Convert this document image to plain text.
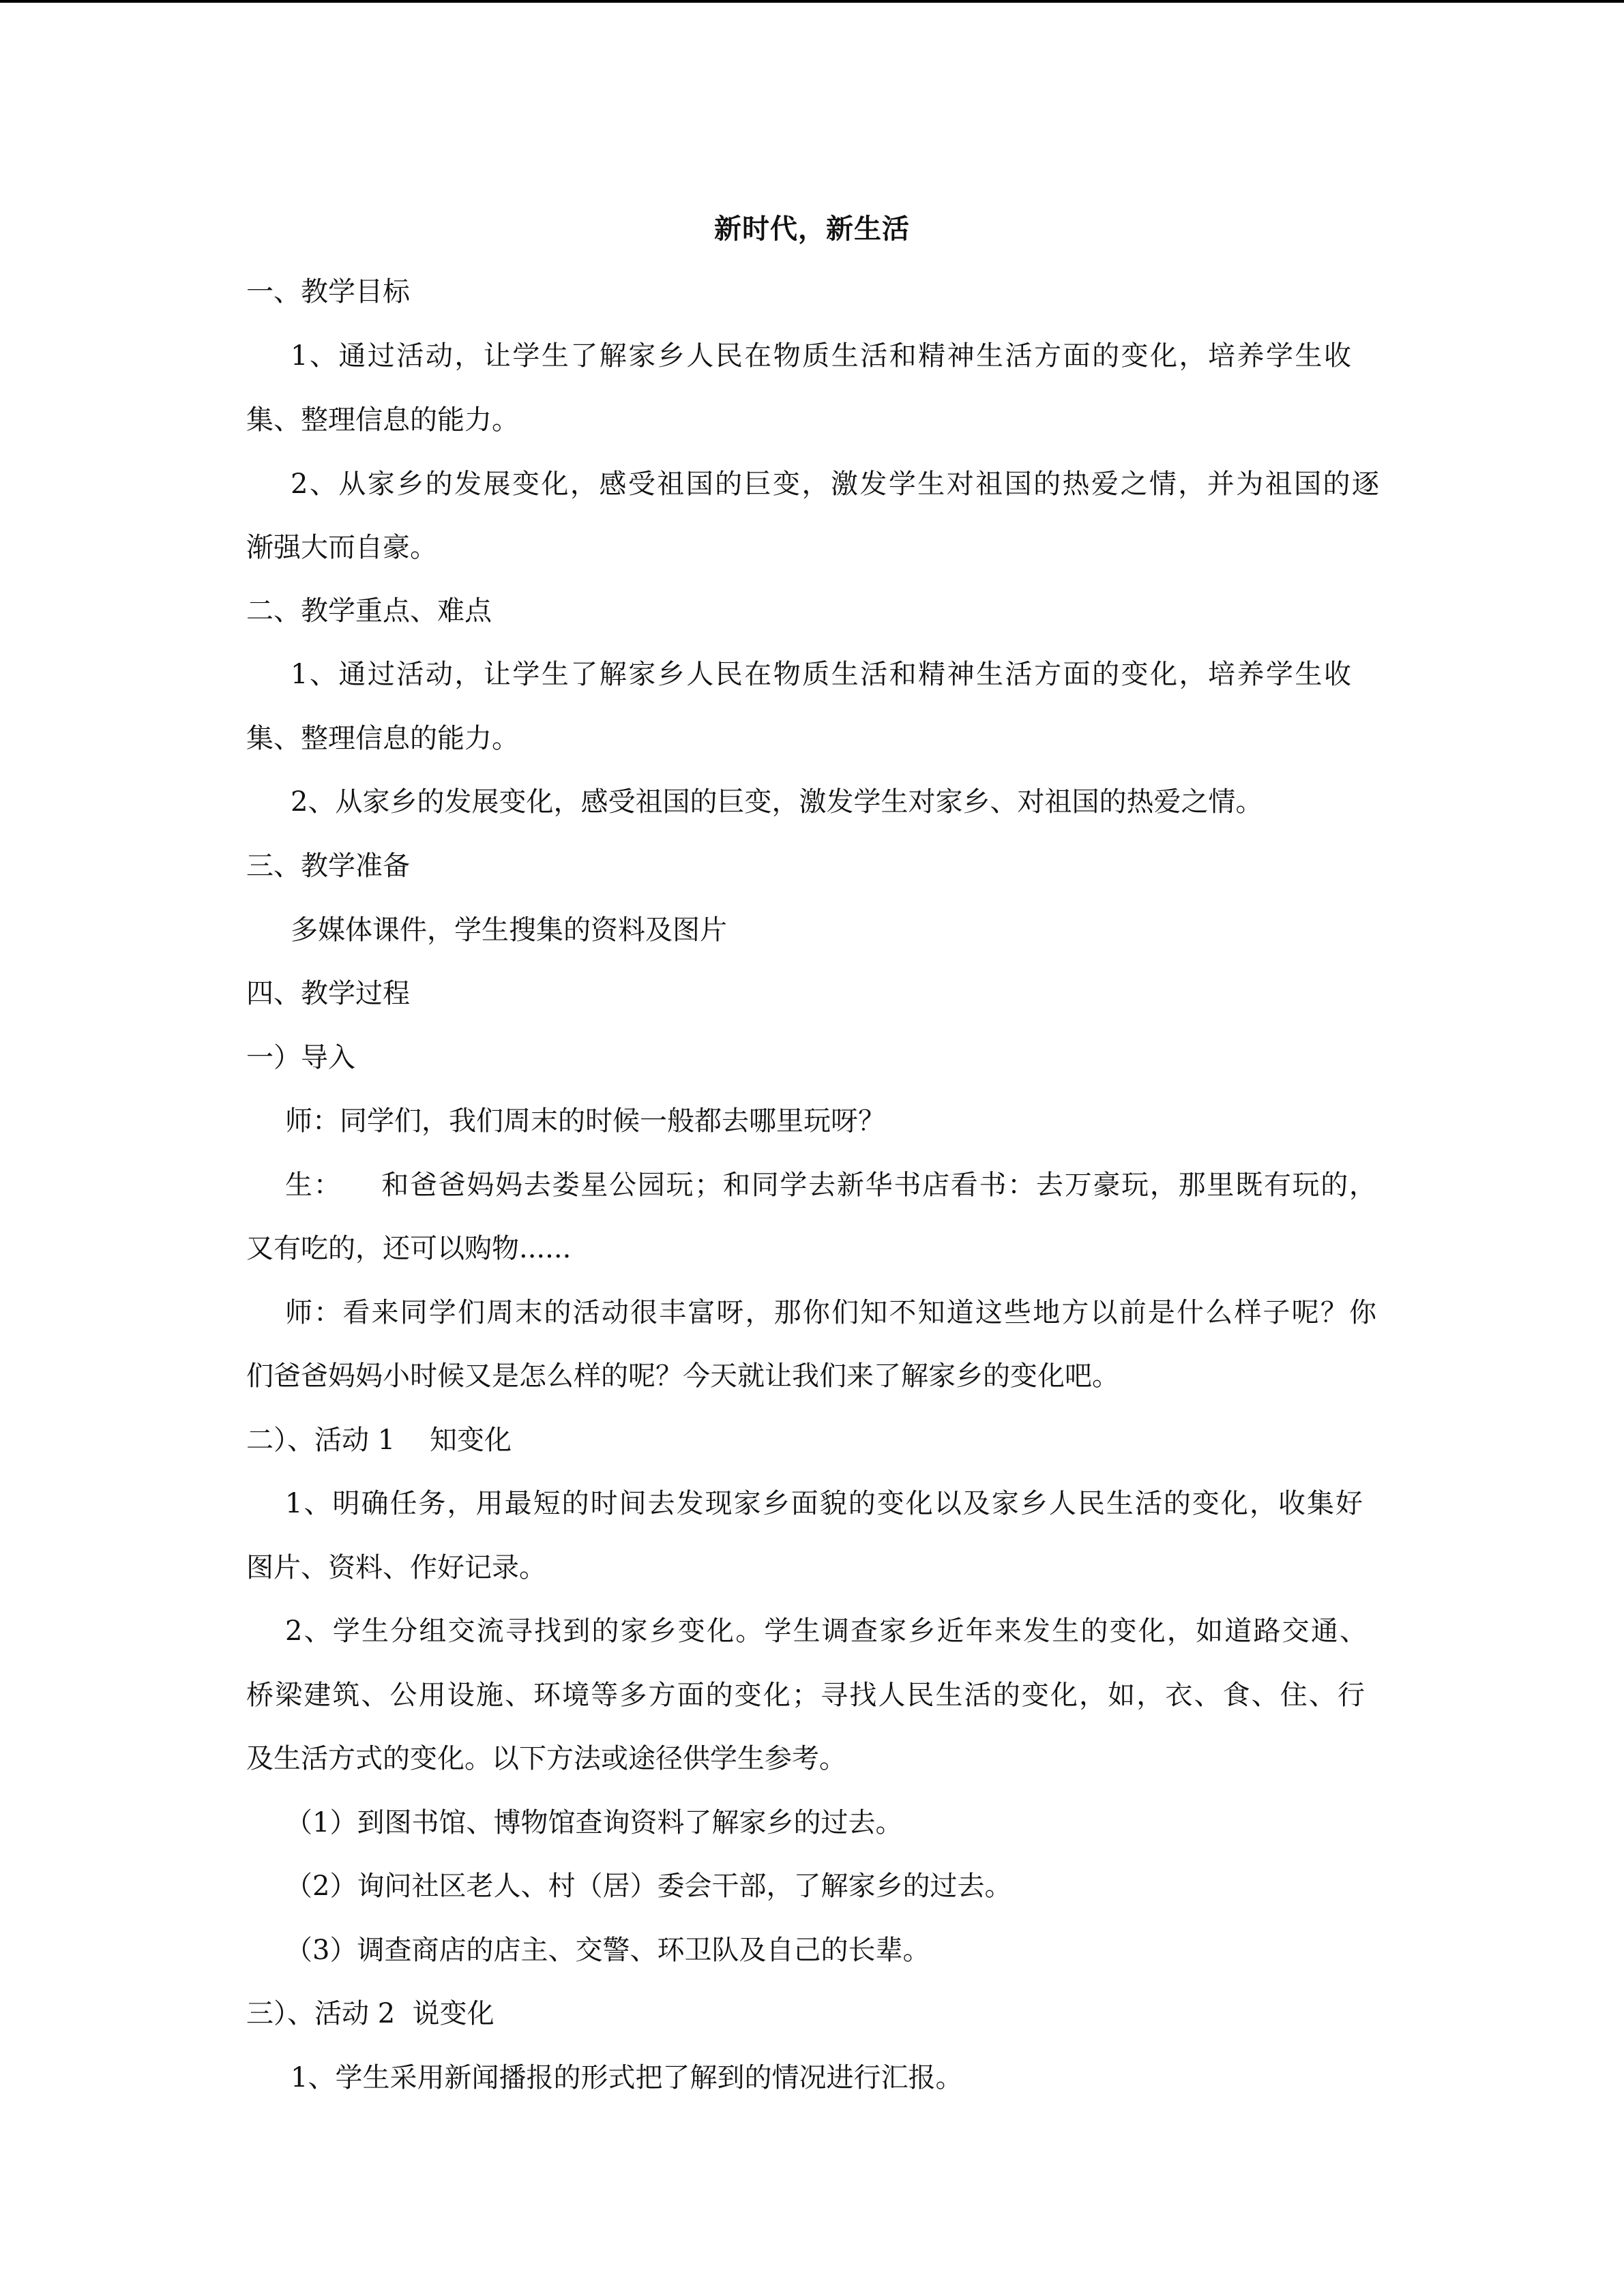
新时代，新生活

一、教学目标

1、通过活动，让学生了解家乡人民在物质生活和精神生活方面的变化，培养学生收

集、整理信息的能力。

2、从家乡的发展变化，感受祖国的巨变，激发学生对祖国的热爱之情，并为祖国的逐

渐强大而自豪。

二、教学重点、难点

1、通过活动，让学生了解家乡人民在物质生活和精神生活方面的变化，培养学生收

集、整理信息的能力。

2、从家乡的发展变化，感受祖国的巨变，激发学生对家乡、对祖国的热爱之情。

三、教学准备

多媒体课件，学生搜集的资料及图片

四、教学过程

一）导入

师：同学们，我们周末的时候一般都去哪里玩呀？

生：    和爸爸妈妈去娄星公园玩；和同学去新华书店看书：去万豪玩，那里既有玩的，

又有吃的，还可以购物......

师：看来同学们周末的活动很丰富呀，那你们知不知道这些地方以前是什么样子呢？你

们爸爸妈妈小时候又是怎么样的呢？今天就让我们来了解家乡的变化吧。

二）、活动 1    知变化

1、明确任务，用最短的时间去发现家乡面貌的变化以及家乡人民生活的变化，收集好

图片、资料、作好记录。

2、学生分组交流寻找到的家乡变化。学生调查家乡近年来发生的变化，如道路交通、

桥梁建筑、公用设施、环境等多方面的变化；寻找人民生活的变化，如，衣、食、住、行

及生活方式的变化。以下方法或途径供学生参考。

（1）到图书馆、博物馆查询资料了解家乡的过去。

（2）询问社区老人、村（居）委会干部，了解家乡的过去。

（3）调查商店的店主、交警、环卫队及自己的长辈。

三）、活动 2  说变化

1、学生采用新闻播报的形式把了解到的情况进行汇报。
